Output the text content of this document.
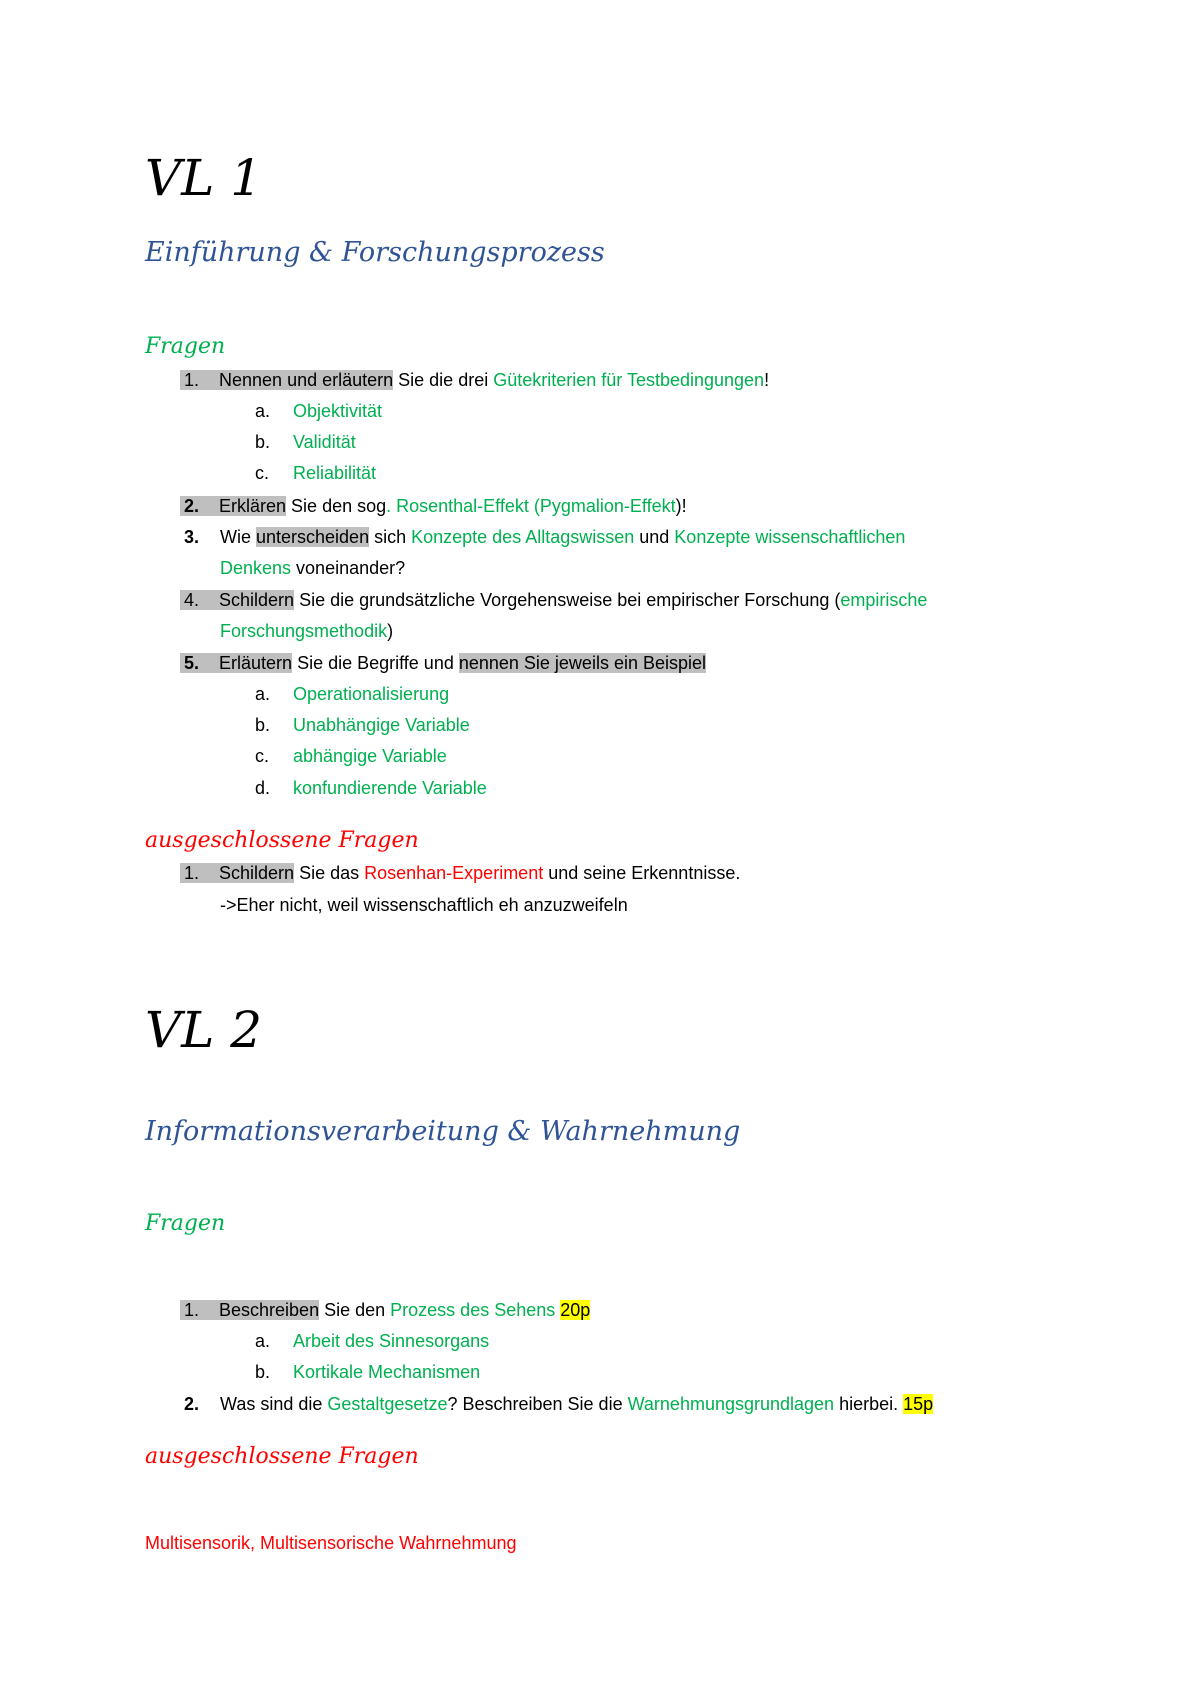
VL 1
Einführung & Forschungsprozess
Fragen
1. Nennen und erläutern Sie die drei Gütekriterien für Testbedingungen!
a. Objektivität
b. Validität
c. Reliabilität
2. Erklären Sie den sog. Rosenthal-Effekt (Pygmalion-Effekt)!
3. Wie unterscheiden sich Konzepte des Alltagswissen und Konzepte wissenschaftlichen
Denkens voneinander?
4. Schildern Sie die grundsätzliche Vorgehensweise bei empirischer Forschung (empirische
Forschungsmethodik)
5. Erläutern Sie die Begriffe und nennen Sie jeweils ein Beispiel
a. Operationalisierung
b. Unabhängige Variable
c. abhängige Variable
d. konfundierende Variable
ausgeschlossene Fragen
1. Schildern Sie das Rosenhan-Experiment und seine Erkenntnisse.
->Eher nicht, weil wissenschaftlich eh anzuzweifeln
VL 2
Informationsverarbeitung & Wahrnehmung
Fragen
1. Beschreiben Sie den Prozess des Sehens 20p
a. Arbeit des Sinnesorgans
b. Kortikale Mechanismen
2. Was sind die Gestaltgesetze? Beschreiben Sie die Warnehmungsgrundlagen hierbei. 15p
ausgeschlossene Fragen
Multisensorik, Multisensorische Wahrnehmung
